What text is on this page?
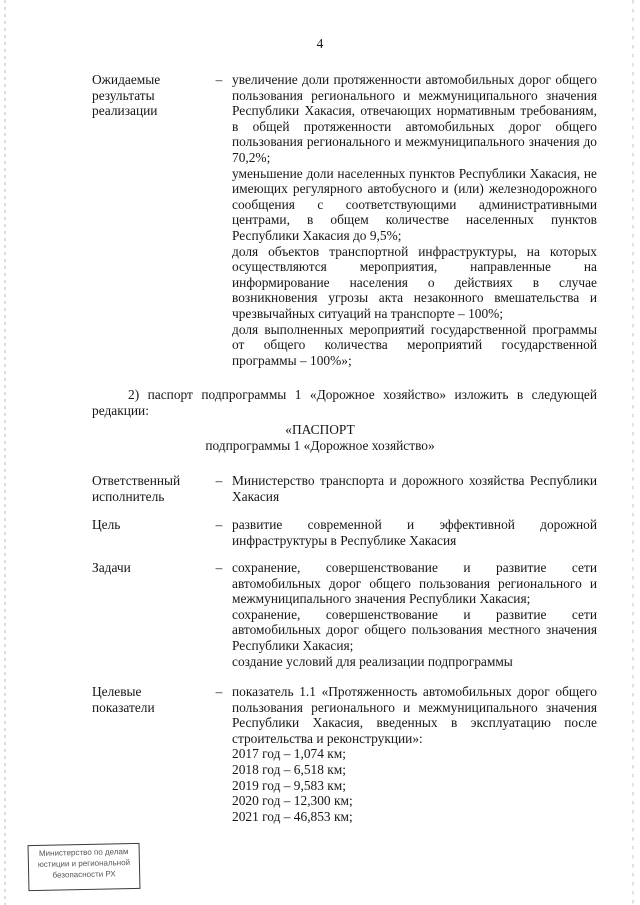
4
Ожидаемые
результаты
реализации
– увеличение доли протяженности автомобильных дорог общего пользования регионального и межмуниципального значения Республики Хакасия, отвечающих нормативным требованиям, в общей протяженности автомобильных дорог общего пользования регионального и межмуниципального значения до 70,2%;

уменьшение доли населенных пунктов Республики Хакасия, не имеющих регулярного автобусного и (или) железнодорожного сообщения с соответствующими административными центрами, в общем количестве населенных пунктов Республики Хакасия до 9,5%;

доля объектов транспортной инфраструктуры, на которых осуществляются мероприятия, направленные на информирование населения о действиях в случае возникновения угрозы акта незаконного вмешательства и чрезвычайных ситуаций на транспорте – 100%;

доля выполненных мероприятий государственной программы от общего количества мероприятий государственной программы – 100%»;

2) паспорт подпрограммы 1 «Дорожное хозяйство» изложить в следующей редакции:
«ПАСПОРТ
подпрограммы 1 «Дорожное хозяйство»
Ответственный
исполнитель
– Министерство транспорта и дорожного хозяйства Республики Хакасия

Цель	– развитие современной и эффективной дорожной инфраструктуры в Республике Хакасия

Задачи	– сохранение, совершенствование и развитие сети автомобильных дорог общего пользования регионального и межмуниципального значения Республики Хакасия;

сохранение, совершенствование и развитие сети автомобильных дорог общего пользования местного значения Республики Хакасия;

создание условий для реализации подпрограммы

Целевые
показатели
– показатель 1.1 «Протяженность автомобильных дорог общего пользования регионального и межмуниципального значения Республики Хакасия, введенных в эксплуатацию после строительства и реконструкции»:

2017 год – 1,074 км;
2018 год – 6,518 км;
2019 год – 9,583 км;
2020 год – 12,300 км;
2021 год – 46,853 км;
Министерство по делам
юстиции и региональной
безопасности РХ
